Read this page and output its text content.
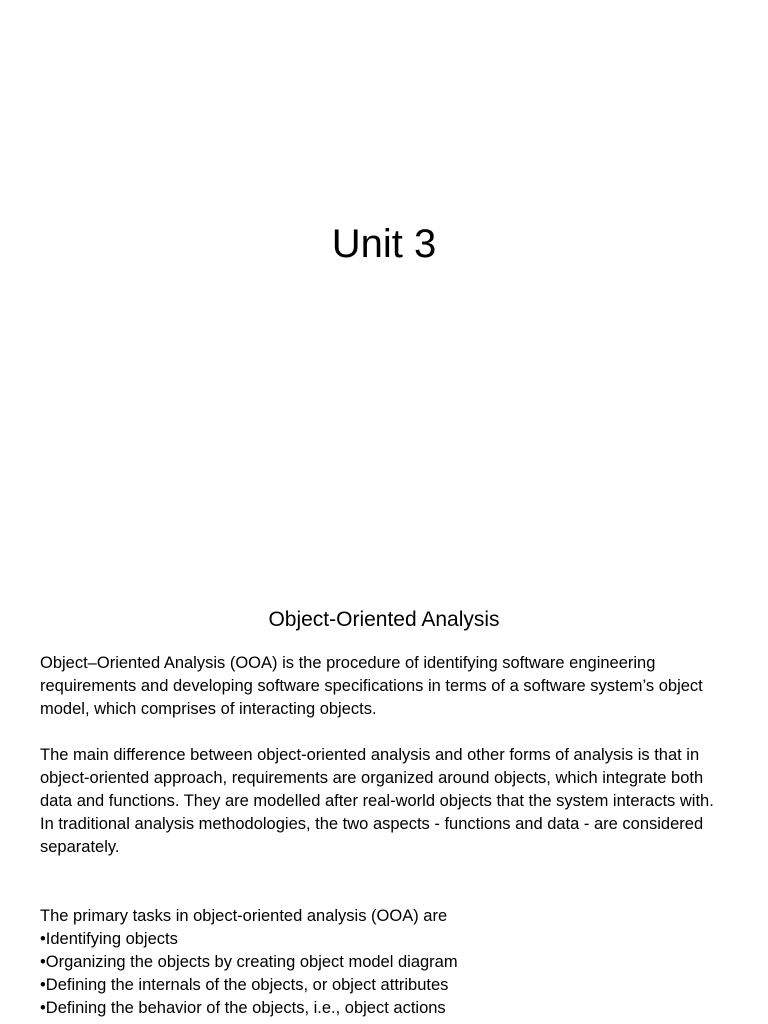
Unit 3
Object-Oriented Analysis

Object–Oriented Analysis (OOA) is the procedure of identifying software engineering requirements and developing software specifications in terms of a software system’s object model, which comprises of interacting objects.

The main difference between object-oriented analysis and other forms of analysis is that in object-oriented approach, requirements are organized around objects, which integrate both data and functions. They are modelled after real-world objects that the system interacts with. In traditional analysis methodologies, the two aspects - functions and data - are considered separately.

The primary tasks in object-oriented analysis (OOA) are

•Identifying objects
•Organizing the objects by creating object model diagram
•Defining the internals of the objects, or object attributes
•Defining the behavior of the objects, i.e., object actions
